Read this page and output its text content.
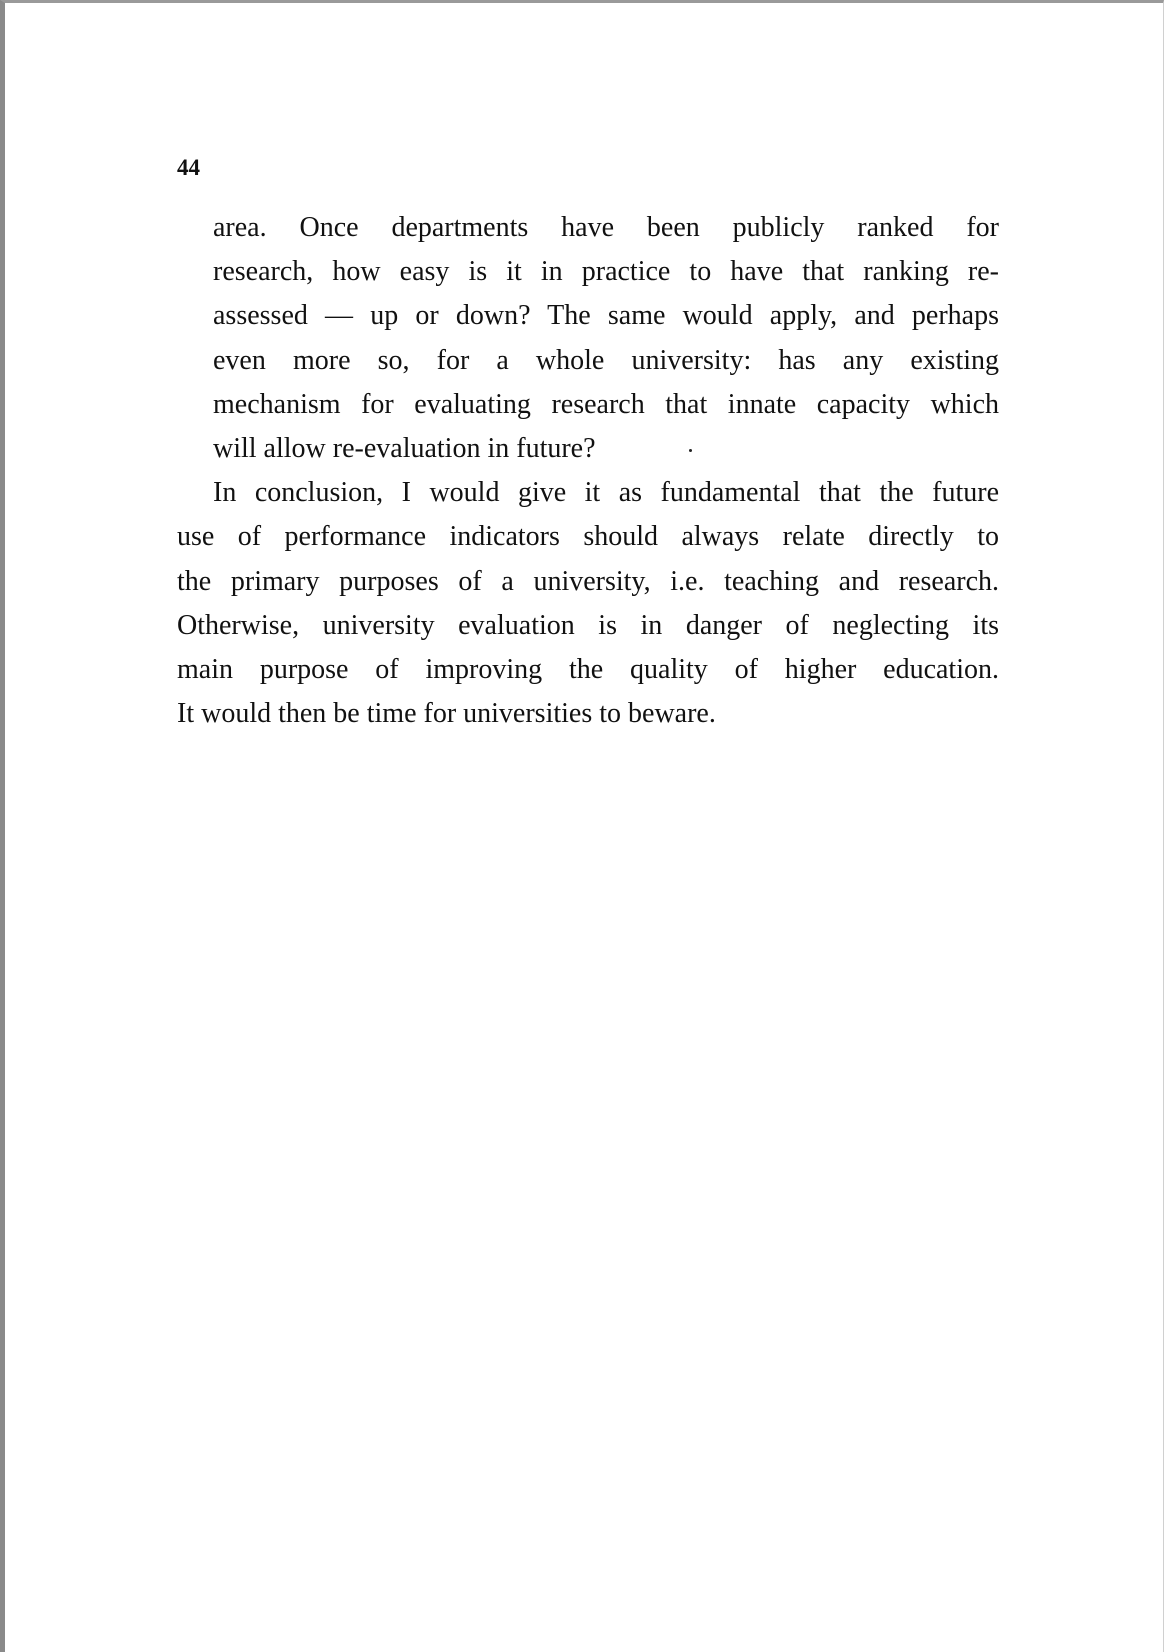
44

area. Once departments have been publicly ranked for
research, how easy is it in practice to have that ranking re-
assessed — up or down? The same would apply, and perhaps
even more so, for a whole university: has any existing
mechanism for evaluating research that innate capacity which
will allow re-evaluation in future?

In conclusion, I would give it as fundamental that the future
use of performance indicators should always relate directly to
the primary purposes of a university, i.e. teaching and research.
Otherwise, university evaluation is in danger of neglecting its
main purpose of improving the quality of higher education.
It would then be time for universities to beware.
